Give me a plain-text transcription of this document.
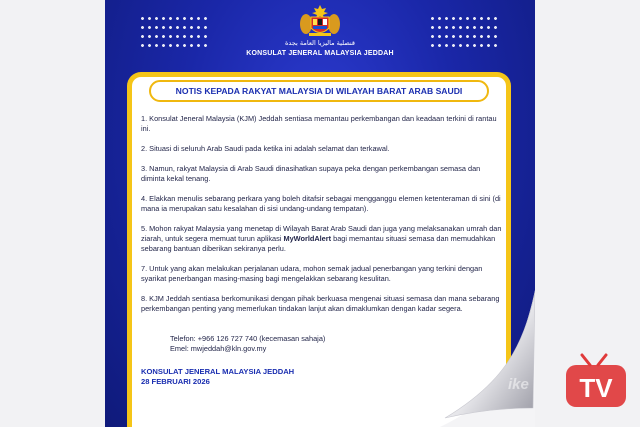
قنصلية ماليزيا العامة بجدة
KONSULAT JENERAL MALAYSIA JEDDAH
NOTIS KEPADA RAKYAT MALAYSIA DI WILAYAH BARAT ARAB SAUDI
1. Konsulat Jeneral Malaysia (KJM) Jeddah sentiasa memantau perkembangan dan keadaan terkini di rantau ini.
2. Situasi di seluruh Arab Saudi pada ketika ini adalah selamat dan terkawal.
3. Namun, rakyat Malaysia di Arab Saudi dinasihatkan supaya peka dengan perkembangan semasa dan diminta kekal tenang.
4. Elakkan menulis sebarang perkara yang boleh ditafsir sebagai mengganggu elemen ketenteraman di sini (di mana ia merupakan satu kesalahan di sisi undang-undang tempatan).
5. Mohon rakyat Malaysia yang menetap di Wilayah Barat Arab Saudi dan juga yang melaksanakan umrah dan ziarah, untuk segera memuat turun aplikasi MyWorldAlert bagi memantau situasi semasa dan memudahkan sebarang bantuan diberikan sekiranya perlu.
7. Untuk yang akan melakukan perjalanan udara, mohon semak jadual penerbangan yang terkini dengan syarikat penerbangan masing-masing bagi mengelakkan sebarang kesulitan.
8. KJM Jeddah sentiasa berkomunikasi dengan pihak berkuasa mengenai situasi semasa dan mana sebarang perkembangan penting yang memerlukan tindakan lanjut akan dimaklumkan dengan kadar segera.
Telefon: +966 126 727 740 (kecemasan sahaja)
Emel: mwjeddah@kln.gov.my
KONSULAT JENERAL MALAYSIA JEDDAH
28 FEBRUARI 2026	ike TV
